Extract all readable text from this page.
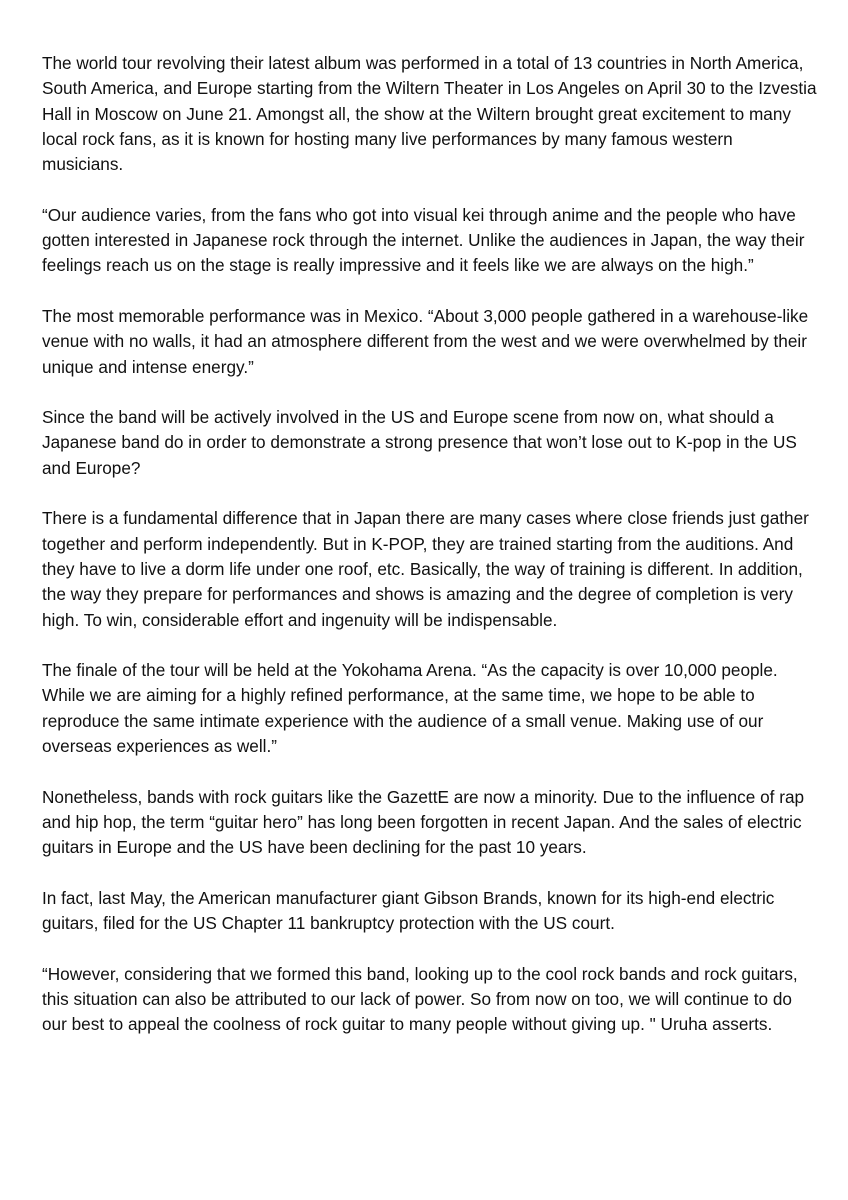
The world tour revolving their latest album was performed in a total of 13 countries in North America, South America, and Europe starting from the Wiltern Theater in Los Angeles on April 30 to the Izvestia Hall in Moscow on June 21. Amongst all, the show at the Wiltern brought great excitement to many local rock fans, as it is known for hosting many live performances by many famous western musicians.

“Our audience varies, from the fans who got into visual kei through anime and the people who have gotten interested in Japanese rock through the internet. Unlike the audiences in Japan, the way their feelings reach us on the stage is really impressive and it feels like we are always on the high.”

The most memorable performance was in Mexico. “About 3,000 people gathered in a warehouse-like venue with no walls, it had an atmosphere different from the west and we were overwhelmed by their unique and intense energy.”

Since the band will be actively involved in the US and Europe scene from now on, what should a Japanese band do in order to demonstrate a strong presence that won’t lose out to K-pop in the US and Europe?

There is a fundamental difference that in Japan there are many cases where close friends just gather together and perform independently. But in K-POP, they are trained starting from the auditions. And they have to live a dorm life under one roof, etc. Basically, the way of training is different. In addition, the way they prepare for performances and shows is amazing and the degree of completion is very high. To win, considerable effort and ingenuity will be indispensable.

The finale of the tour will be held at the Yokohama Arena. “As the capacity is over 10,000 people. While we are aiming for a highly refined performance, at the same time, we hope to be able to reproduce the same intimate experience with the audience of a small venue. Making use of our overseas experiences as well.”

Nonetheless, bands with rock guitars like the GazettE are now a minority. Due to the influence of rap and hip hop, the term “guitar hero” has long been forgotten in recent Japan. And the sales of electric guitars in Europe and the US have been declining for the past 10 years.

In fact, last May, the American manufacturer giant Gibson Brands, known for its high-end electric guitars, filed for the US Chapter 11 bankruptcy protection with the US court.

“However, considering that we formed this band, looking up to the cool rock bands and rock guitars, this situation can also be attributed to our lack of power. So from now on too, we will continue to do our best to appeal the coolness of rock guitar to many people without giving up. " Uruha asserts.
